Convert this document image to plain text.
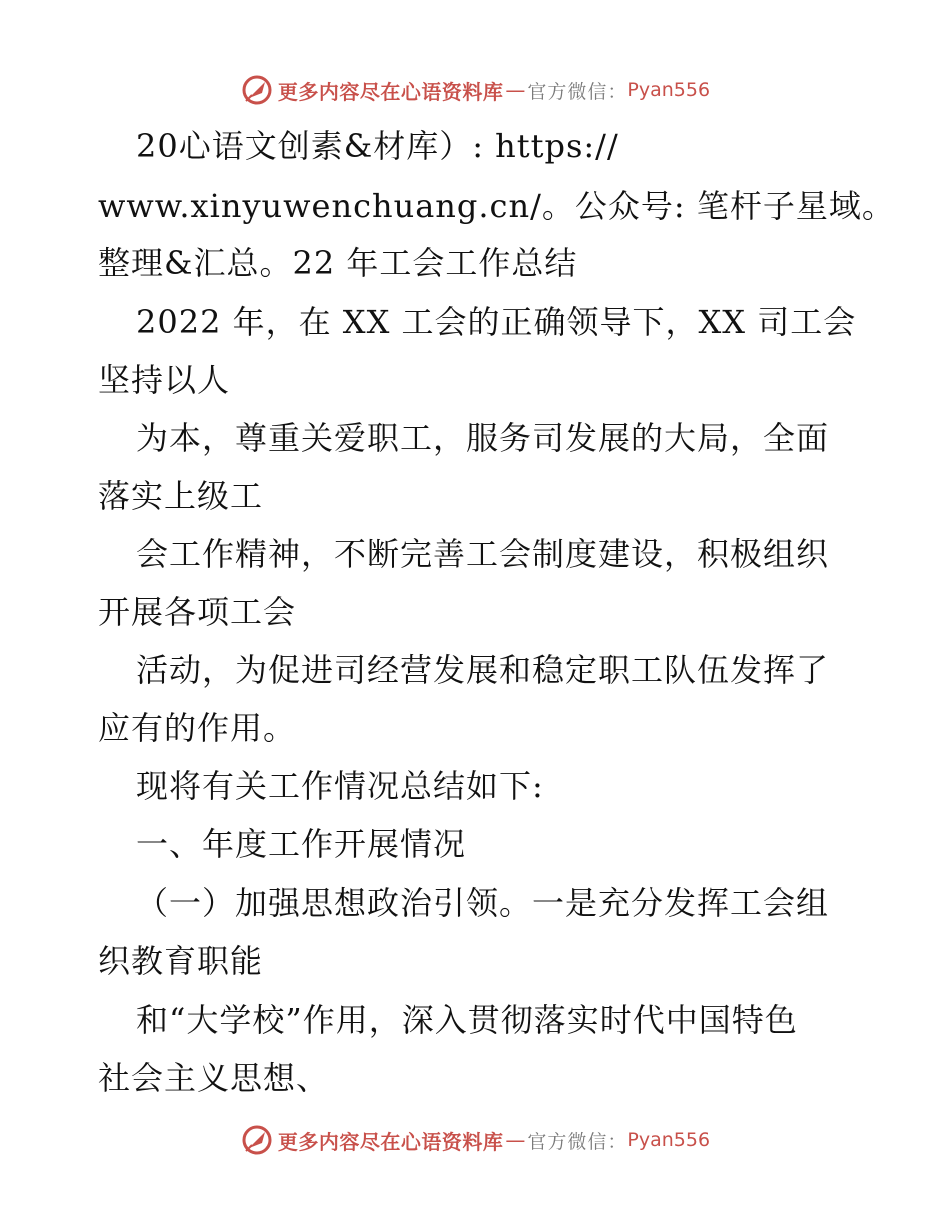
更多内容尽在心语资料库 — 官方微信： Pyan556
20心语文创素&材库）: https://
www.xinyuwenchuang.cn/。公众号: 笔杆子星域。
整理&汇总。22 年工会工作总结
2022 年，在 XX 工会的正确领导下，XX 司工会
坚持以人
为本，尊重关爱职工，服务司发展的大局，全面
落实上级工
会工作精神，不断完善工会制度建设，积极组织
开展各项工会
活动，为促进司经营发展和稳定职工队伍发挥了
应有的作用。
现将有关工作情况总结如下:
一、年度工作开展情况
（一）加强思想政治引领。一是充分发挥工会组
织教育职能
和“大学校”作用，深入贯彻落实时代中国特色
社会主义思想、
更多内容尽在心语资料库 — 官方微信： Pyan556
